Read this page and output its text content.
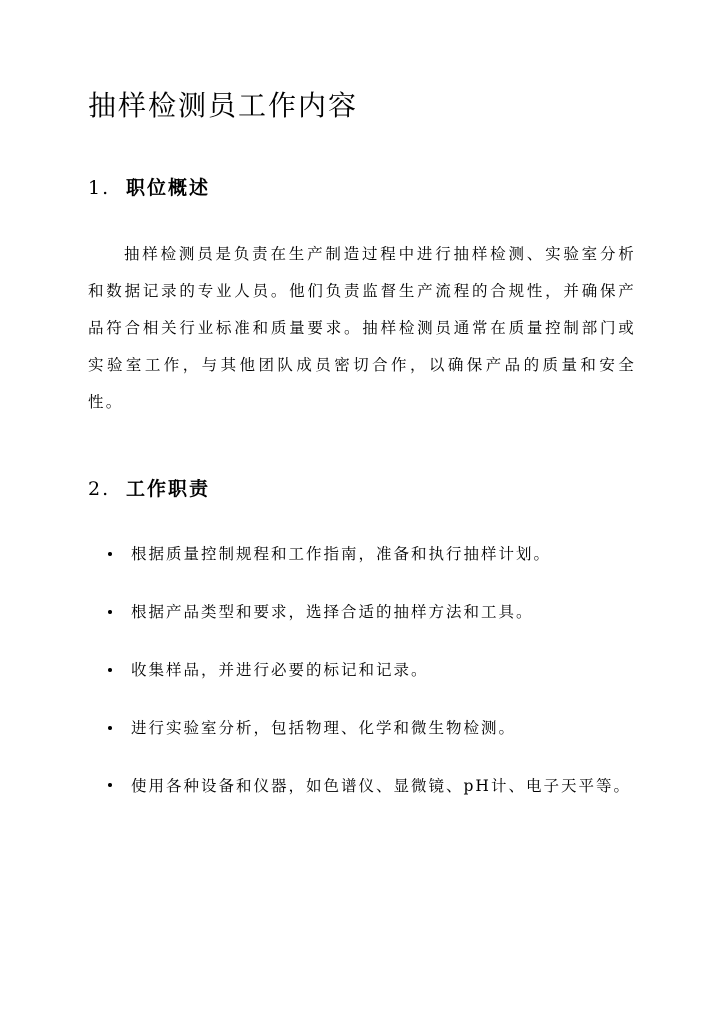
抽样检测员工作内容
1. 职位概述

抽样检测员是负责在生产制造过程中进行抽样检测、实验室分析和数据记录的专业人员。他们负责监督生产流程的合规性，并确保产品符合相关行业标准和质量要求。抽样检测员通常在质量控制部门或实验室工作，与其他团队成员密切合作，以确保产品的质量和安全性。

2. 工作职责
根据质量控制规程和工作指南，准备和执行抽样计划。
根据产品类型和要求，选择合适的抽样方法和工具。
收集样品，并进行必要的标记和记录。
进行实验室分析，包括物理、化学和微生物检测。
使用各种设备和仪器，如色谱仪、显微镜、pH计、电子天平等。
